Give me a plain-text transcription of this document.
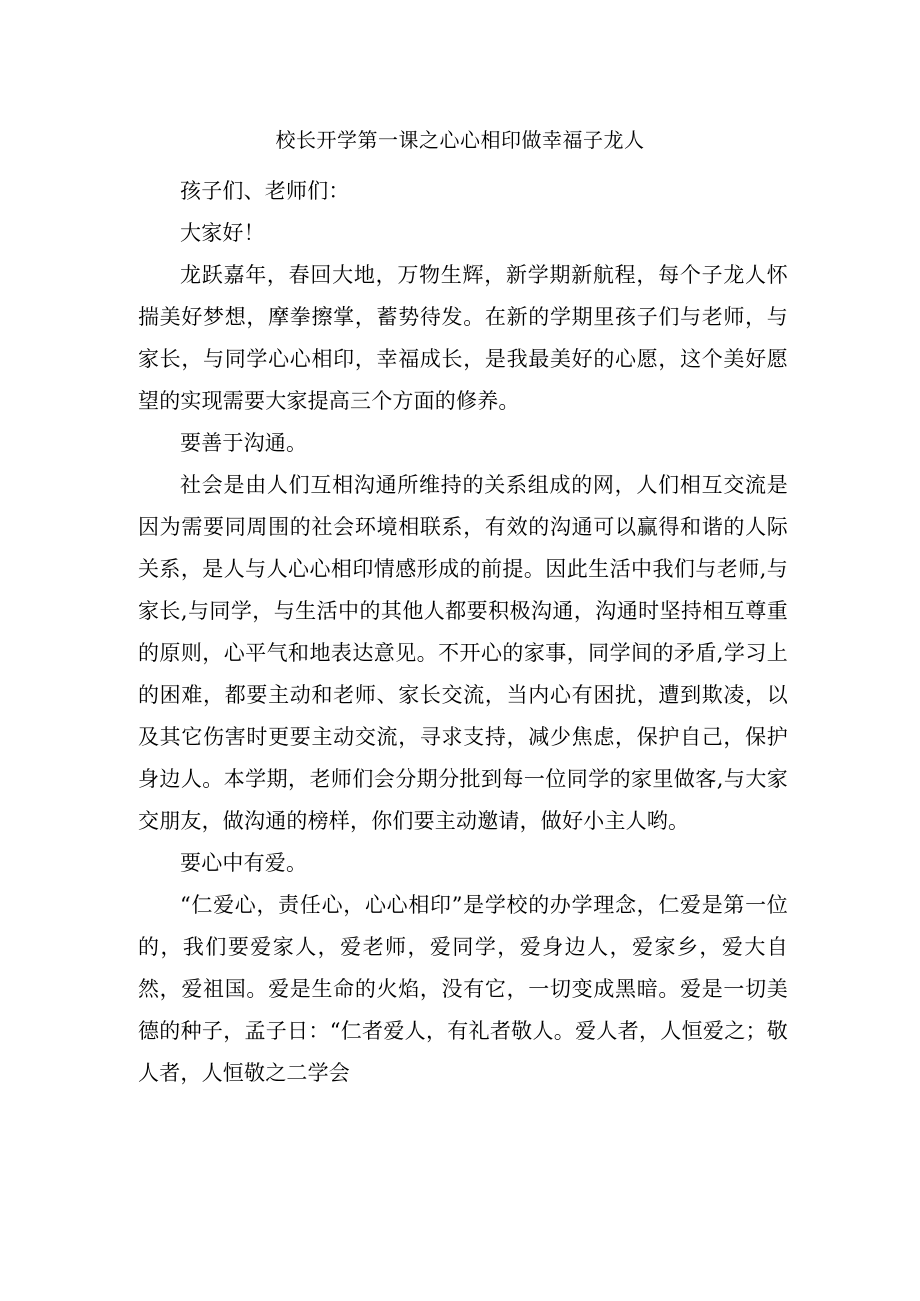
校长开学第一课之心心相印做幸福子龙人

孩子们、老师们：

大家好！

龙跃嘉年，春回大地，万物生辉，新学期新航程，每个子龙人怀揣美好梦想，摩拳擦掌，蓄势待发。在新的学期里孩子们与老师，与家长，与同学心心相印，幸福成长，是我最美好的心愿，这个美好愿望的实现需要大家提高三个方面的修养。

要善于沟通。

社会是由人们互相沟通所维持的关系组成的网，人们相互交流是因为需要同周围的社会环境相联系，有效的沟通可以赢得和谐的人际关系，是人与人心心相印情感形成的前提。因此生活中我们与老师,与家长,与同学，与生活中的其他人都要积极沟通，沟通时坚持相互尊重的原则，心平气和地表达意见。不开心的家事，同学间的矛盾,学习上的困难，都要主动和老师、家长交流，当内心有困扰，遭到欺凌，以及其它伤害时更要主动交流，寻求支持，减少焦虑，保护自己，保护身边人。本学期，老师们会分期分批到每一位同学的家里做客,与大家交朋友，做沟通的榜样，你们要主动邀请，做好小主人哟。

要心中有爱。

“仁爱心，责任心，心心相印”是学校的办学理念，仁爱是第一位的，我们要爱家人，爱老师，爱同学，爱身边人，爱家乡，爱大自然，爱祖国。爱是生命的火焰，没有它，一切变成黑暗。爱是一切美德的种子，孟子日：“仁者爱人，有礼者敬人。爱人者，人恒爱之；敬人者，人恒敬之二学会
